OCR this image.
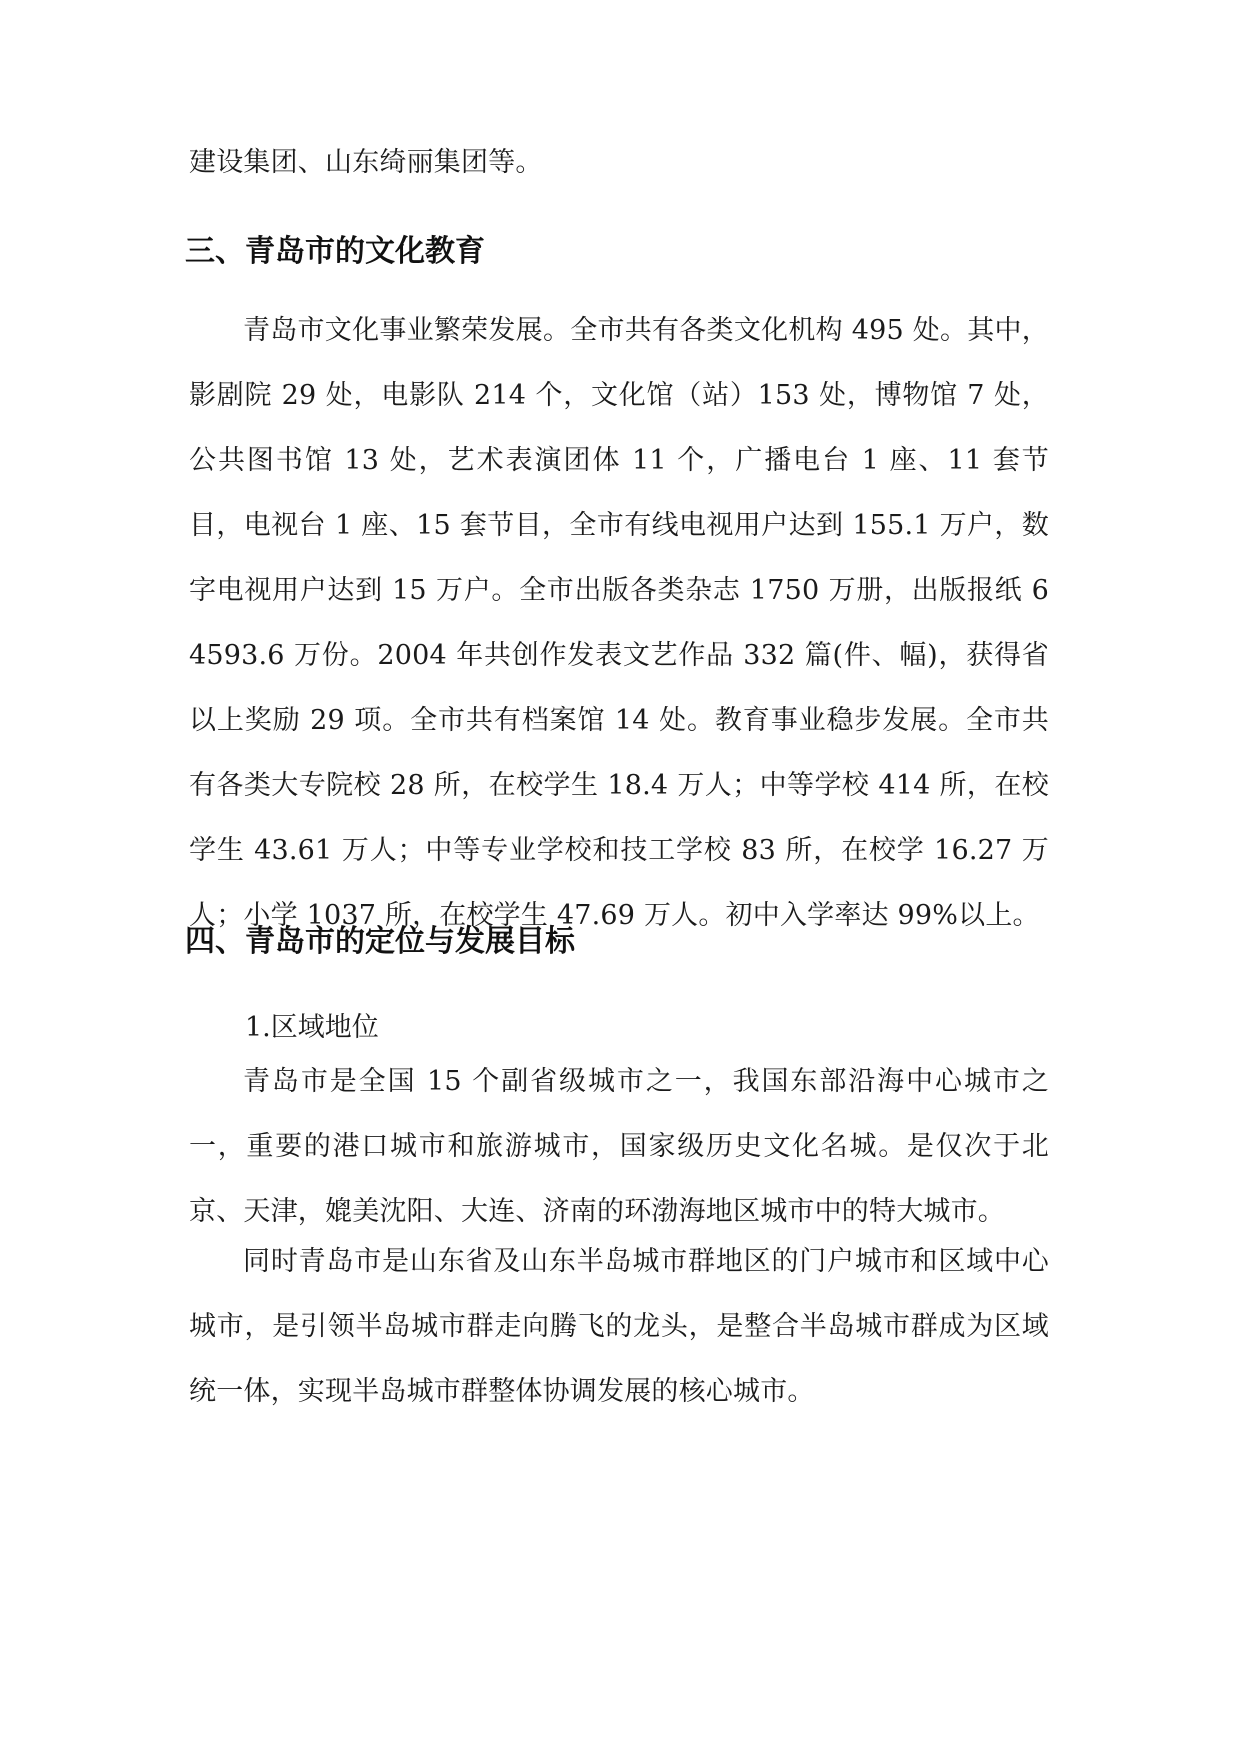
建设集团、山东绮丽集团等。

三、青岛市的文化教育

青岛市文化事业繁荣发展。全市共有各类文化机构 495 处。其中，影剧院 29 处，电影队 214 个，文化馆（站）153 处，博物馆 7 处，公共图书馆 13 处，艺术表演团体 11 个，广播电台 1 座、11 套节目，电视台 1 座、15 套节目，全市有线电视用户达到 155.1 万户，数字电视用户达到 15 万户。全市出版各类杂志 1750 万册，出版报纸 64593.6 万份。2004 年共创作发表文艺作品 332 篇(件、幅)，获得省以上奖励 29 项。全市共有档案馆 14 处。教育事业稳步发展。全市共有各类大专院校 28 所，在校学生 18.4 万人；中等学校 414 所，在校学生 43.61 万人；中等专业学校和技工学校 83 所，在校学 16.27 万人；小学 1037 所，在校学生 47.69 万人。初中入学率达 99%以上。

四、青岛市的定位与发展目标

1.区域地位

青岛市是全国 15 个副省级城市之一，我国东部沿海中心城市之一，重要的港口城市和旅游城市，国家级历史文化名城。是仅次于北京、天津，媲美沈阳、大连、济南的环渤海地区城市中的特大城市。

同时青岛市是山东省及山东半岛城市群地区的门户城市和区域中心城市，是引领半岛城市群走向腾飞的龙头，是整合半岛城市群成为区域统一体，实现半岛城市群整体协调发展的核心城市。
